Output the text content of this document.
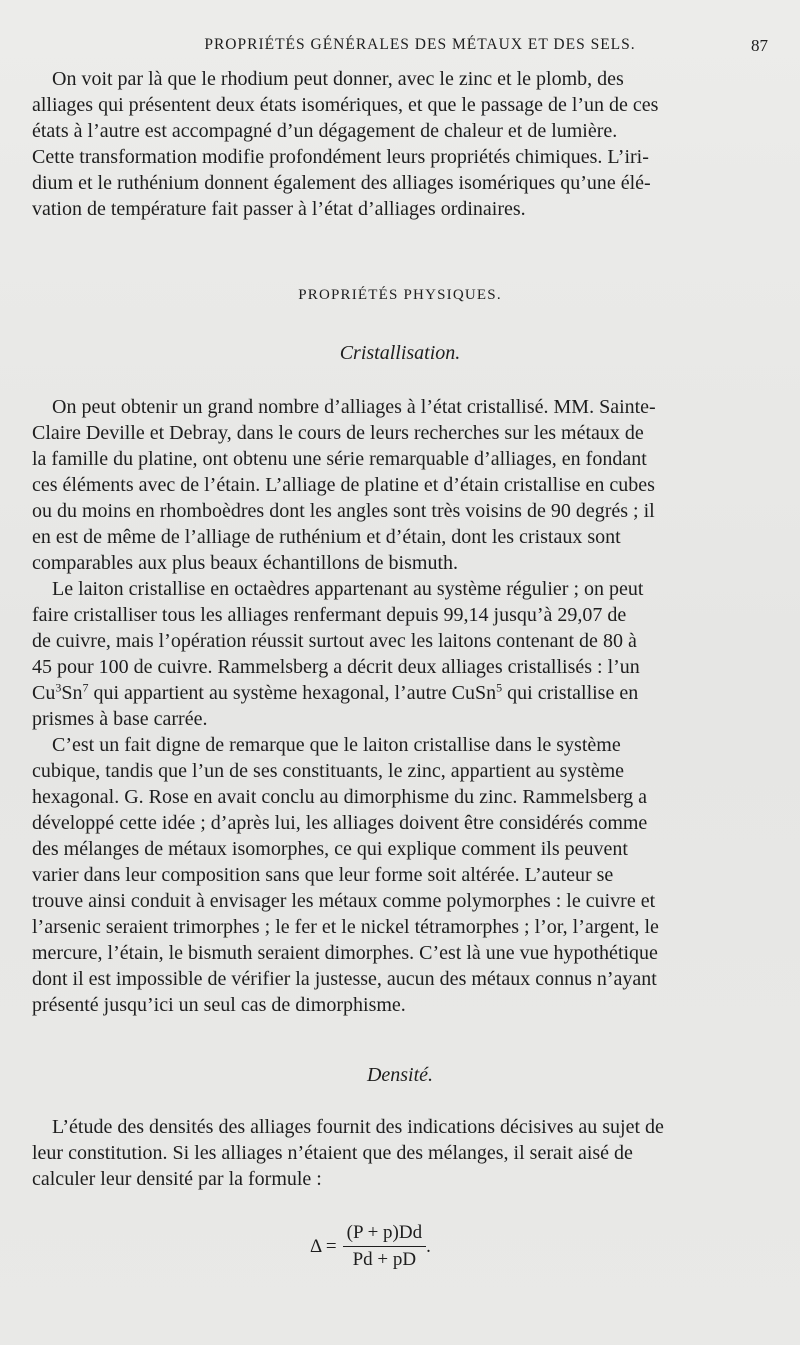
PROPRIÉTÉS GÉNÉRALES DES MÉTAUX ET DES SELS.	87

On voit par là que le rhodium peut donner, avec le zinc et le plomb, des

alliages qui présentent deux états isomériques, et que le passage de l’un de ces

états à l’autre est accompagné d’un dégagement de chaleur et de lumière.

Cette transformation modifie profondément leurs propriétés chimiques. L’iri-

dium et le ruthénium donnent également des alliages isomériques qu’une élé-

vation de température fait passer à l’état d’alliages ordinaires.

PROPRIÉTÉS PHYSIQUES.
Cristallisation.

On peut obtenir un grand nombre d’alliages à l’état cristallisé. MM. Sainte-

Claire Deville et Debray, dans le cours de leurs recherches sur les métaux de

la famille du platine, ont obtenu une série remarquable d’alliages, en fondant

ces éléments avec de l’étain. L’alliage de platine et d’étain cristallise en cubes

ou du moins en rhomboèdres dont les angles sont très voisins de 90 degrés ; il

en est de même de l’alliage de ruthénium et d’étain, dont les cristaux sont

comparables aux plus beaux échantillons de bismuth.

Le laiton cristallise en octaèdres appartenant au système régulier ; on peut

faire cristalliser tous les alliages renfermant depuis 99,14 jusqu’à 29,07 de

de cuivre, mais l’opération réussit surtout avec les laitons contenant de 80 à

45 pour 100 de cuivre. Rammelsberg a décrit deux alliages cristallisés : l’un

Cu$^3$Sn$^7$ qui appartient au système hexagonal, l’autre CuSn$^5$ qui cristallise en

prismes à base carrée.

C’est un fait digne de remarque que le laiton cristallise dans le système

cubique, tandis que l’un de ses constituants, le zinc, appartient au système

hexagonal. G. Rose en avait conclu au dimorphisme du zinc. Rammelsberg a

développé cette idée ; d’après lui, les alliages doivent être considérés comme

des mélanges de métaux isomorphes, ce qui explique comment ils peuvent

varier dans leur composition sans que leur forme soit altérée. L’auteur se

trouve ainsi conduit à envisager les métaux comme polymorphes : le cuivre et

l’arsenic seraient trimorphes ; le fer et le nickel tétramorphes ; l’or, l’argent, le

mercure, l’étain, le bismuth seraient dimorphes. C’est là une vue hypothétique

dont il est impossible de vérifier la justesse, aucun des métaux connus n’ayant

présenté jusqu’ici un seul cas de dimorphisme.

Densité.

L’étude des densités des alliages fournit des indications décisives au sujet de

leur constitution. Si les alliages n’étaient que des mélanges, il serait aisé de

calculer leur densité par la formule :

$\Delta = \frac{(P + p)Dd}{Pd + pD}$ .
